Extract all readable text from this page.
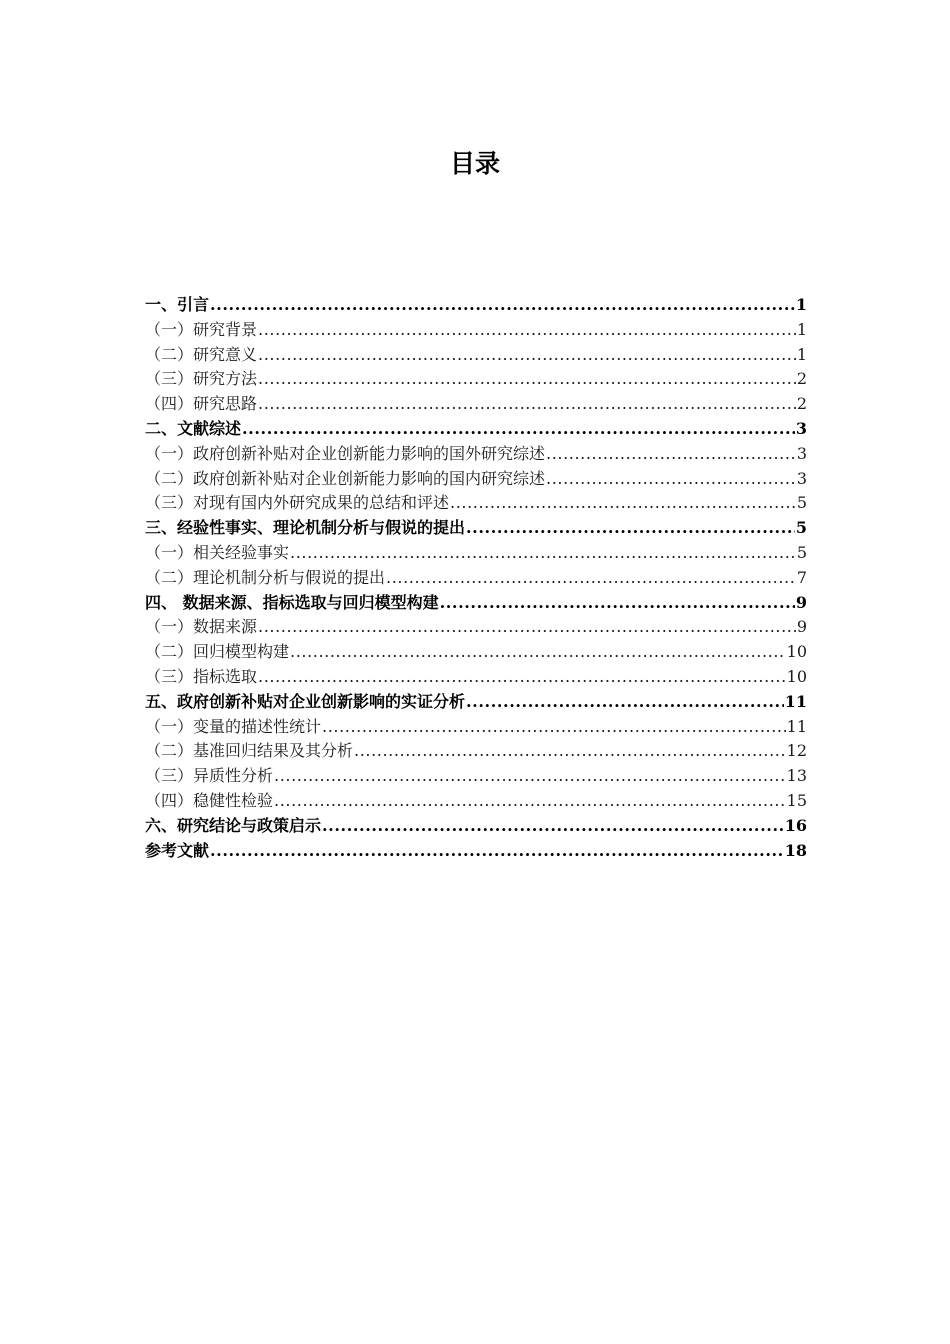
目录
一、引言 .....	1
（一）研究背景 .....	1
（二）研究意义 .....	1
（三）研究方法 .....	2
（四）研究思路 .....	2
二、文献综述 .....	3
（一）政府创新补贴对企业创新能力影响的国外研究综述 .....	3
（二）政府创新补贴对企业创新能力影响的国内研究综述 .....	3
（三）对现有国内外研究成果的总结和评述 .....	5
三、经验性事实、理论机制分析与假说的提出 .....	5
（一）相关经验事实 .....	5
（二）理论机制分析与假说的提出 .....	7
四、 数据来源、指标选取与回归模型构建 .....	9
（一）数据来源 .....	9
（二）回归模型构建 .....	10
（三）指标选取 .....	10
五、政府创新补贴对企业创新影响的实证分析 .....	11
（一）变量的描述性统计 .....	11
（二）基准回归结果及其分析 .....	12
（三）异质性分析 .....	13
（四）稳健性检验 .....	15
六、研究结论与政策启示 .....	16
参考文献 .....	18
